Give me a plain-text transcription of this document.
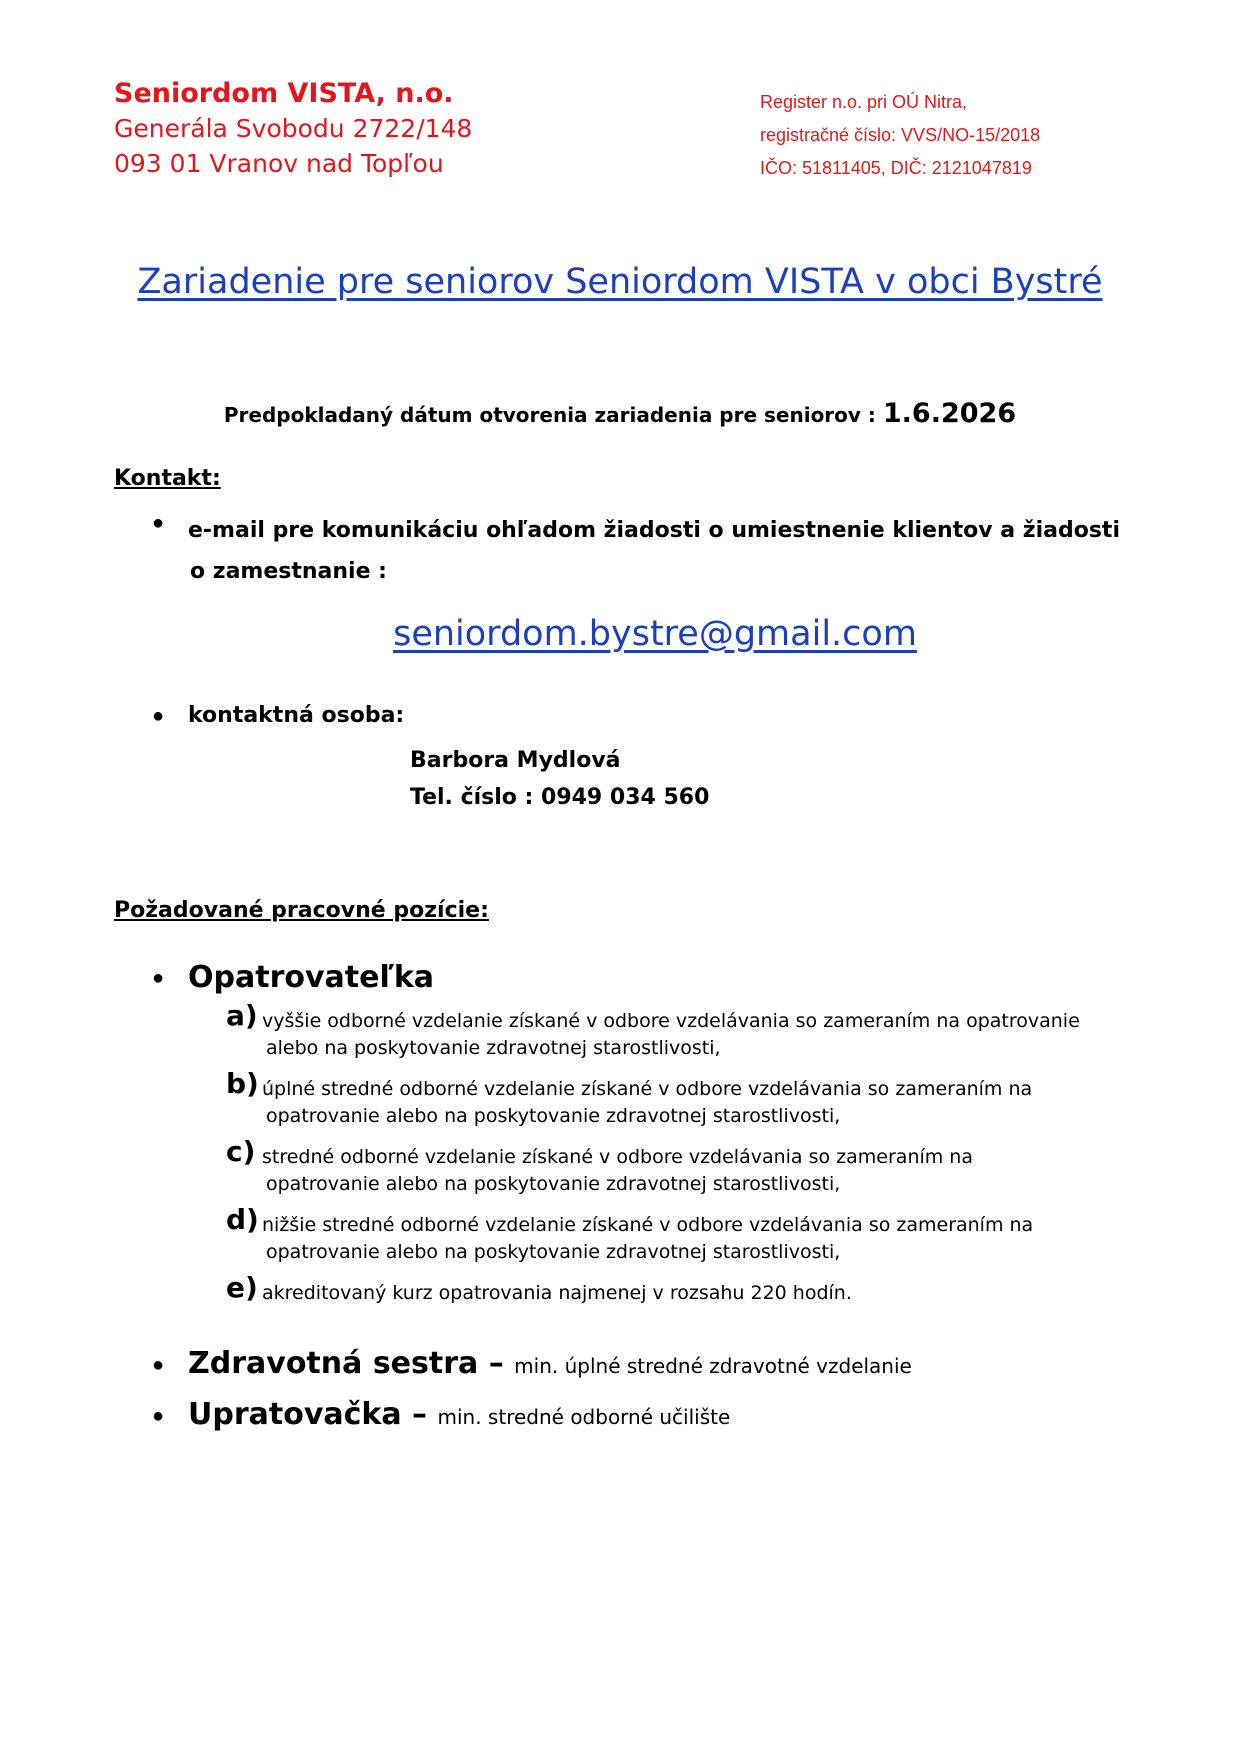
Seniordom VISTA, n.o.
Generála Svobodu 2722/148
093 01 Vranov nad Topľou
Register n.o. pri OÚ Nitra,
registračné číslo: VVS/NO-15/2018
IČO: 51811405, DIČ: 2121047819
Zariadenie pre seniorov Seniordom VISTA v obci Bystré
Predpokladaný dátum otvorenia zariadenia pre seniorov : 1.6.2026
Kontakt:
● e-mail pre komunikáciu ohľadom žiadosti o umiestnenie klientov a žiadosti
o zamestnanie :
seniordom.bystre@gmail.com
● kontaktná osoba:
Barbora Mydlová
Tel. číslo : 0949 034 560
Požadované pracovné pozície:
● Opatrovateľka
a) vyššie odborné vzdelanie získané v odbore vzdelávania so zameraním na opatrovanie
alebo na poskytovanie zdravotnej starostlivosti,
b) úplné stredné odborné vzdelanie získané v odbore vzdelávania so zameraním na
opatrovanie alebo na poskytovanie zdravotnej starostlivosti,
c) stredné odborné vzdelanie získané v odbore vzdelávania so zameraním na
opatrovanie alebo na poskytovanie zdravotnej starostlivosti,
d) nižšie stredné odborné vzdelanie získané v odbore vzdelávania so zameraním na
opatrovanie alebo na poskytovanie zdravotnej starostlivosti,
e) akreditovaný kurz opatrovania najmenej v rozsahu 220 hodín.
● Zdravotná sestra – min. úplné stredné zdravotné vzdelanie
● Upratovačka – min. stredné odborné učilište
